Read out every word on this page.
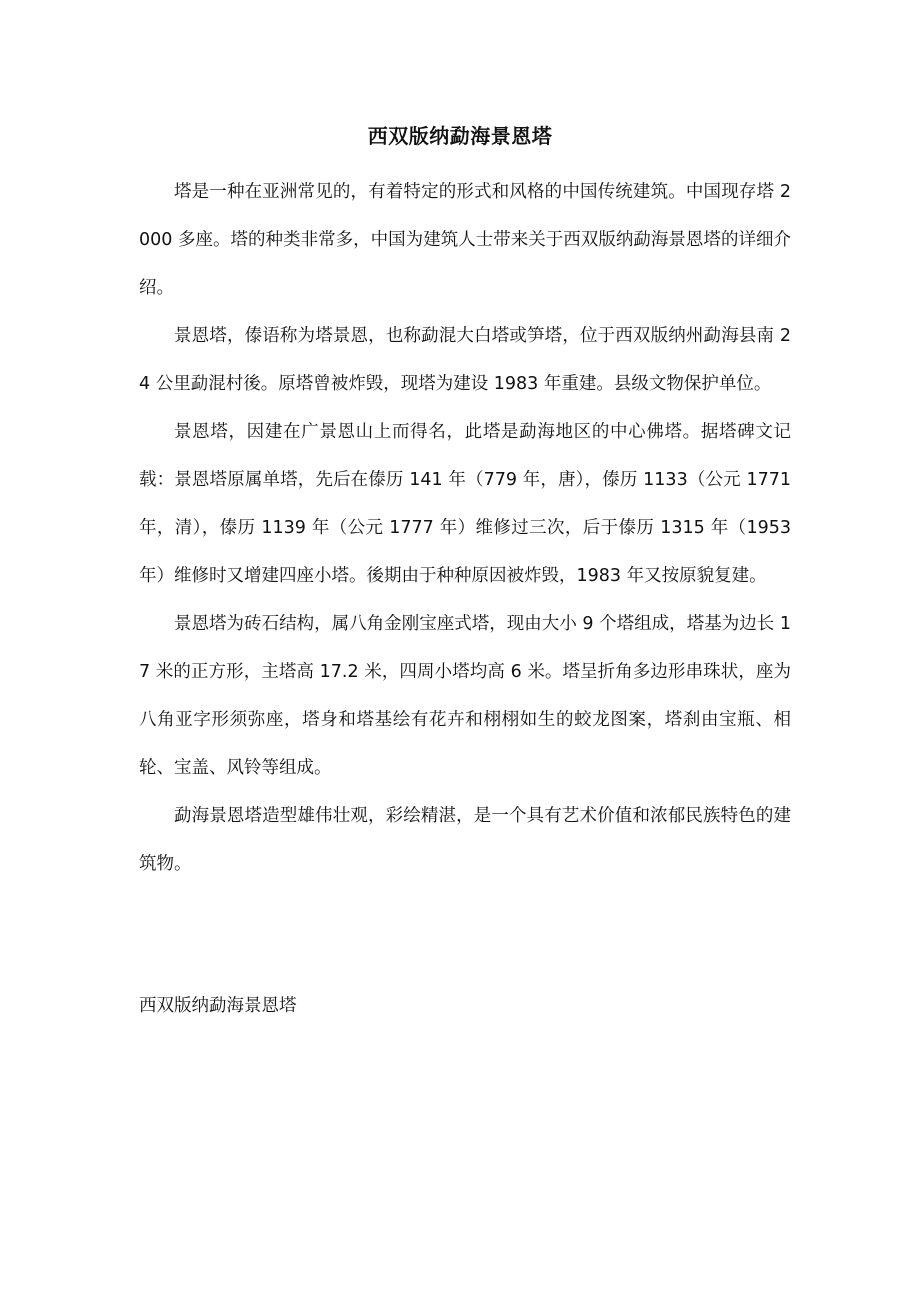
西双版纳勐海景恩塔

塔是一种在亚洲常见的，有着特定的形式和风格的中国传统建筑。中国现存塔 2000 多座。塔的种类非常多，中国为建筑人士带来关于西双版纳勐海景恩塔的详细介绍。

景恩塔，傣语称为塔景恩，也称勐混大白塔或笋塔，位于西双版纳州勐海县南 24 公里勐混村後。原塔曾被炸毁，现塔为建设 1983 年重建。县级文物保护单位。

景恩塔，因建在广景恩山上而得名，此塔是勐海地区的中心佛塔。据塔碑文记载：景恩塔原属单塔，先后在傣历 141 年（779 年，唐），傣历 1133（公元 1771 年，清），傣历 1139 年（公元 1777 年）维修过三次，后于傣历 1315 年（1953 年）维修时又增建四座小塔。後期由于种种原因被炸毁，1983 年又按原貌复建。

景恩塔为砖石结构，属八角金刚宝座式塔，现由大小 9 个塔组成，塔基为边长 17 米的正方形，主塔高 17.2 米，四周小塔均高 6 米。塔呈折角多边形串珠状，座为八角亚字形须弥座，塔身和塔基绘有花卉和栩栩如生的蛟龙图案，塔刹由宝瓶、相轮、宝盖、风铃等组成。

勐海景恩塔造型雄伟壮观，彩绘精湛，是一个具有艺术价值和浓郁民族特色的建筑物。

西双版纳勐海景恩塔
